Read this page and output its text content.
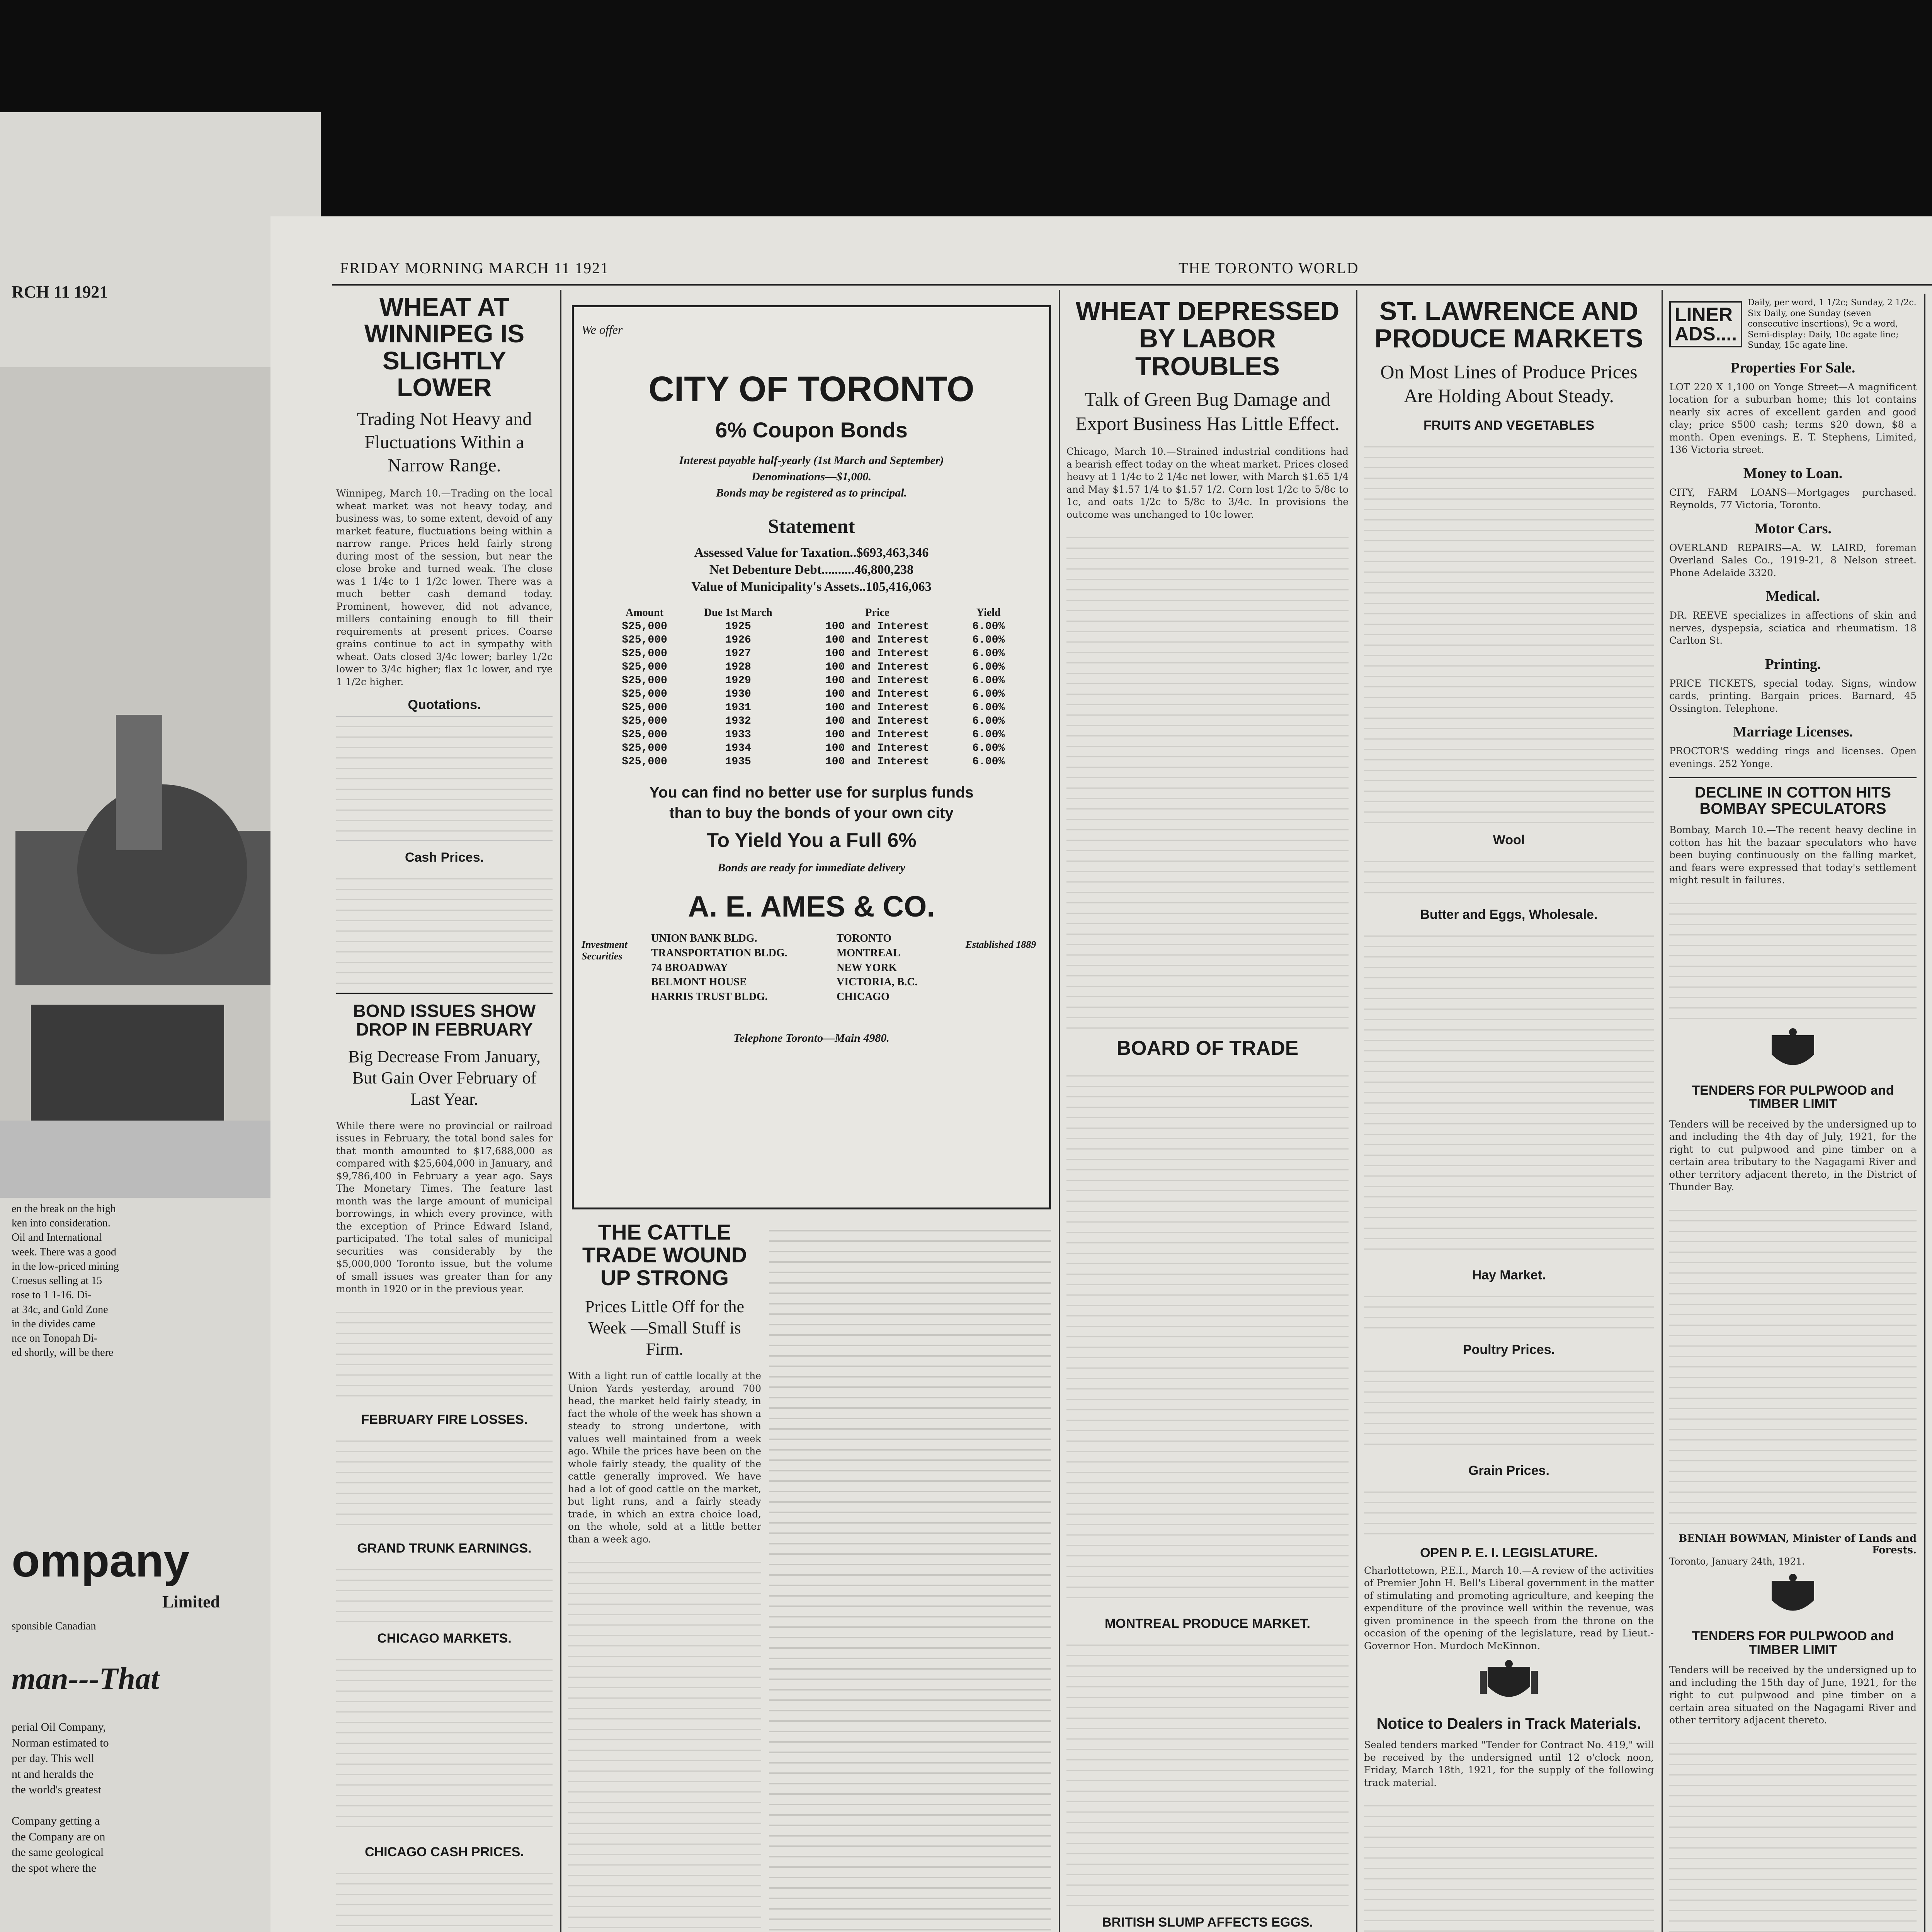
RCH 11 1921
en the break on the high
ken into consideration.
Oil and International
week. There was a good
in the low-priced mining
Croesus selling at 15
rose to 1 1-16. Di-
at 34c, and Gold Zone
in the divides came
nce on Tonopah Di-
ed shortly, will be there
ompany
Limited
sponsible Canadian
man---That
perial Oil Company,
Norman estimated to
per day. This well
nt and heralds the
the world's greatest

Company getting a
the Company are on
the same geological
the spot where the

FRIDAY MORNING MARCH 11 1921	THE TORONTO WORLD
WHEAT AT WINNIPEG IS SLIGHTLY LOWER
Trading Not Heavy and Fluctuations Within a Narrow Range.

Winnipeg, March 10.—Trading on the local wheat market was not heavy today, and business was, to some extent, devoid of any market feature, fluctuations being within a narrow range. Prices held fairly strong during most of the session, but near the close broke and turned weak. The close was 1 1/4c to 1 1/2c lower. There was a much better cash demand today. Prominent, however, did not advance, millers containing enough to fill their requirements at present prices. Coarse grains continue to act in sympathy with wheat. Oats closed 3/4c lower; barley 1/2c lower to 3/4c higher; flax 1c lower, and rye 1 1/2c higher.

Quotations.
Cash Prices.
BOND ISSUES SHOW DROP IN FEBRUARY
Big Decrease From January, But Gain Over February of Last Year.

While there were no provincial or railroad issues in February, the total bond sales for that month amounted to $17,688,000 as compared with $25,604,000 in January, and $9,786,400 in February a year ago. Says The Monetary Times. The feature last month was the large amount of municipal borrowings, in which every province, with the exception of Prince Edward Island, participated. The total sales of municipal securities was considerably by the $5,000,000 Toronto issue, but the volume of small issues was greater than for any month in 1920 or in the previous year.

FEBRUARY FIRE LOSSES.
GRAND TRUNK EARNINGS.
CHICAGO MARKETS.
CHICAGO CASH PRICES.
We offer
CITY OF TORONTO
6% Coupon Bonds
Interest payable half-yearly (1st March and September)
Denominations—$1,000.
Bonds may be registered as to principal.
Statement
Assessed Value for Taxation..$693,463,346
Net Debenture Debt..........46,800,238
Value of Municipality's Assets..105,416,063
Amount	Due 1st March	Price	Yield
$25,000	1925	100 and Interest	6.00%
$25,000	1926	100 and Interest	6.00%
$25,000	1927	100 and Interest	6.00%
$25,000	1928	100 and Interest	6.00%
$25,000	1929	100 and Interest	6.00%
$25,000	1930	100 and Interest	6.00%
$25,000	1931	100 and Interest	6.00%
$25,000	1932	100 and Interest	6.00%
$25,000	1933	100 and Interest	6.00%
$25,000	1934	100 and Interest	6.00%
$25,000	1935	100 and Interest	6.00%
You can find no better use for surplus funds
than to buy the bonds of your own city
To Yield You a Full 6%
Bonds are ready for immediate delivery
A. E. AMES & CO.
Investment Securities
UNION BANK BLDG.
TRANSPORTATION BLDG.
74 BROADWAY
BELMONT HOUSE
HARRIS TRUST BLDG.
TORONTO
MONTREAL
NEW YORK
VICTORIA, B.C.
CHICAGO
Established 1889
Telephone Toronto—Main 4980.
THE CATTLE TRADE WOUND UP STRONG
Prices Little Off for the Week —Small Stuff is Firm.

With a light run of cattle locally at the Union Yards yesterday, around 700 head, the market held fairly steady, in fact the whole of the week has shown a steady to strong undertone, with values well maintained from a week ago. While the prices have been on the whole fairly steady, the quality of the cattle generally improved. We have had a lot of good cattle on the market, but light runs, and a fairly steady trade, in which an extra choice load, on the whole, sold at a little better than a week ago.

WHEAT DEPRESSED BY LABOR TROUBLES
Talk of Green Bug Damage and Export Business Has Little Effect.

Chicago, March 10.—Strained industrial conditions had a bearish effect today on the wheat market. Prices closed heavy at 1 1/4c to 2 1/4c net lower, with March $1.65 1/4 and May $1.57 1/4 to $1.57 1/2. Corn lost 1/2c to 5/8c to 1c, and oats 1/2c to 5/8c to 3/4c. In provisions the outcome was unchanged to 10c lower.

BOARD OF TRADE
MONTREAL PRODUCE MARKET.
BRITISH SLUMP AFFECTS EGGS.
ST. LAWRENCE AND PRODUCE MARKETS
On Most Lines of Produce Prices Are Holding About Steady.
FRUITS AND VEGETABLES
Wool
Butter and Eggs, Wholesale.
Hay Market.
Poultry Prices.
Grain Prices.
OPEN P. E. I. LEGISLATURE.

Charlottetown, P.E.I., March 10.—A review of the activities of Premier John H. Bell's Liberal government in the matter of stimulating and promoting agriculture, and keeping the expenditure of the province well within the revenue, was given prominence in the speech from the throne on the occasion of the opening of the legislature, read by Lieut.-Governor Hon. Murdoch McKinnon.

Notice to Dealers in Track Materials.

Sealed tenders marked "Tender for Contract No. 419," will be received by the undersigned until 12 o'clock noon, Friday, March 18th, 1921, for the supply of the following track material.

LINER ADS....
Daily, per word, 1 1/2c; Sunday, 2 1/2c. Six Daily, one Sunday (seven consecutive insertions), 9c a word, Semi-display: Daily, 10c agate line; Sunday, 15c agate line.
Properties For Sale.

LOT 220 X 1,100 on Yonge Street—A magnificent location for a suburban home; this lot contains nearly six acres of excellent garden and good clay; price $500 cash; terms $20 down, $8 a month. Open evenings. E. T. Stephens, Limited, 136 Victoria street.

Money to Loan.

CITY, FARM LOANS—Mortgages purchased. Reynolds, 77 Victoria, Toronto.

Motor Cars.

OVERLAND REPAIRS—A. W. LAIRD, foreman Overland Sales Co., 1919-21, 8 Nelson street. Phone Adelaide 3320.

Medical.

DR. REEVE specializes in affections of skin and nerves, dyspepsia, sciatica and rheumatism. 18 Carlton St.

Printing.

PRICE TICKETS, special today. Signs, window cards, printing. Bargain prices. Barnard, 45 Ossington. Telephone.

Marriage Licenses.

PROCTOR'S wedding rings and licenses. Open evenings. 252 Yonge.

DECLINE IN COTTON HITS BOMBAY SPECULATORS

Bombay, March 10.—The recent heavy decline in cotton has hit the bazaar speculators who have been buying continuously on the falling market, and fears were expressed that today's settlement might result in failures.

TENDERS FOR PULPWOOD and TIMBER LIMIT

Tenders will be received by the undersigned up to and including the 4th day of July, 1921, for the right to cut pulpwood and pine timber on a certain area tributary to the Nagagami River and other territory adjacent thereto, in the District of Thunder Bay.

BENIAH BOWMAN, Minister of Lands and Forests.
Toronto, January 24th, 1921.
TENDERS FOR PULPWOOD and TIMBER LIMIT

Tenders will be received by the undersigned up to and including the 15th day of June, 1921, for the right to cut pulpwood and pine timber on a certain area situated on the Nagagami River and other territory adjacent thereto.
